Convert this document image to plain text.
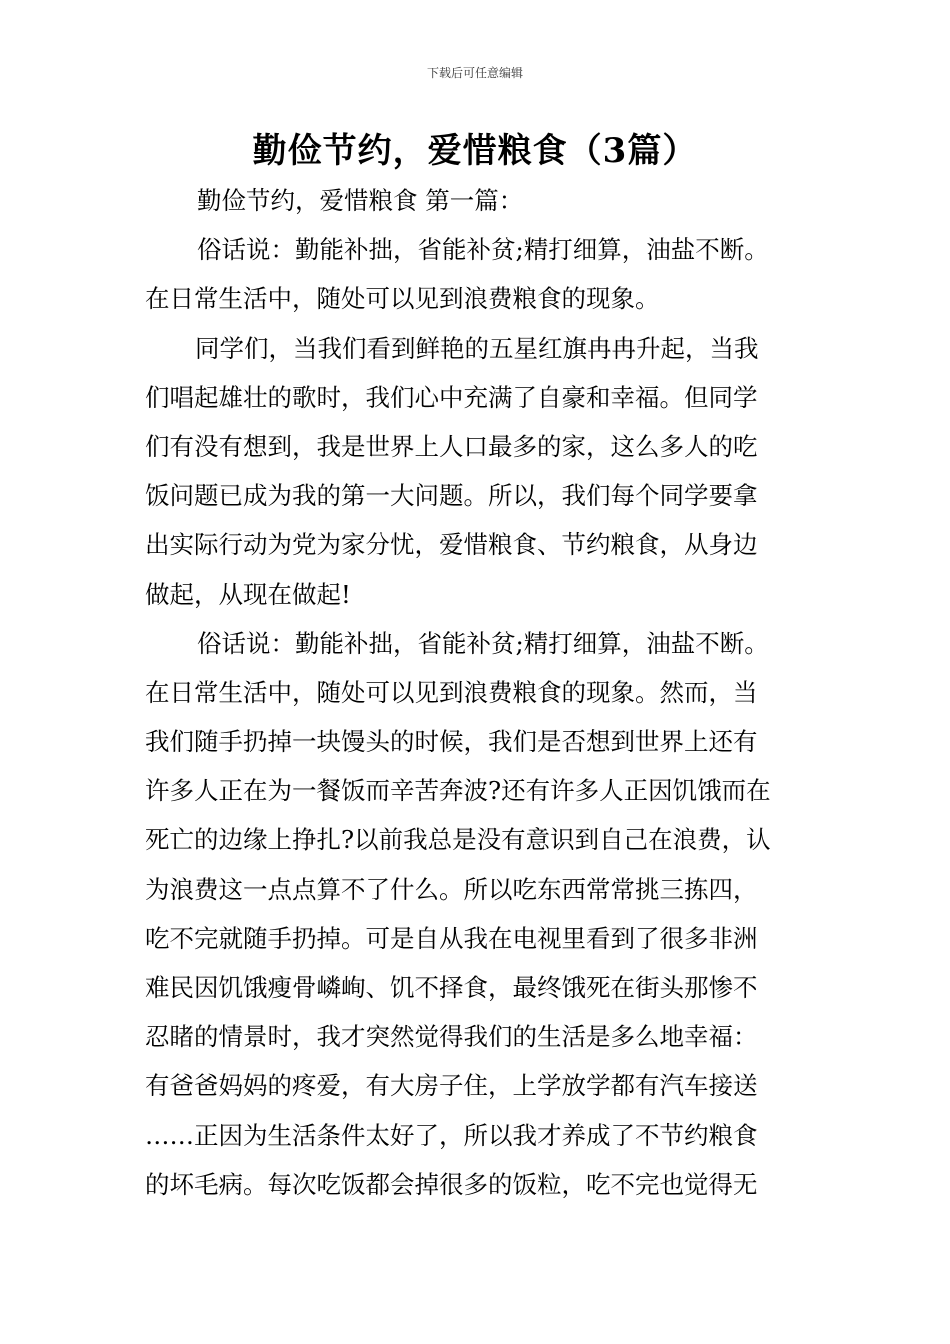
下载后可任意编辑
勤俭节约，爱惜粮食（3篇）
勤俭节约，爱惜粮食 第一篇：
俗话说：勤能补拙，省能补贫;精打细算，油盐不断。
在日常生活中，随处可以见到浪费粮食的现象。
同学们，当我们看到鲜艳的五星红旗冉冉升起，当我
们唱起雄壮的歌时，我们心中充满了自豪和幸福。但同学
们有没有想到，我是世界上人口最多的家，这么多人的吃
饭问题已成为我的第一大问题。所以，我们每个同学要拿
出实际行动为党为家分忧，爱惜粮食、节约粮食，从身边
做起，从现在做起!
俗话说：勤能补拙，省能补贫;精打细算，油盐不断。
在日常生活中，随处可以见到浪费粮食的现象。然而，当
我们随手扔掉一块馒头的时候，我们是否想到世界上还有
许多人正在为一餐饭而辛苦奔波?还有许多人正因饥饿而在
死亡的边缘上挣扎?以前我总是没有意识到自己在浪费，认
为浪费这一点点算不了什么。所以吃东西常常挑三拣四，
吃不完就随手扔掉。可是自从我在电视里看到了很多非洲
难民因饥饿瘦骨嶙峋、饥不择食，最终饿死在街头那惨不
忍睹的情景时，我才突然觉得我们的生活是多么地幸福：
有爸爸妈妈的疼爱，有大房子住，上学放学都有汽车接送
……正因为生活条件太好了，所以我才养成了不节约粮食
的坏毛病。每次吃饭都会掉很多的饭粒，吃不完也觉得无
